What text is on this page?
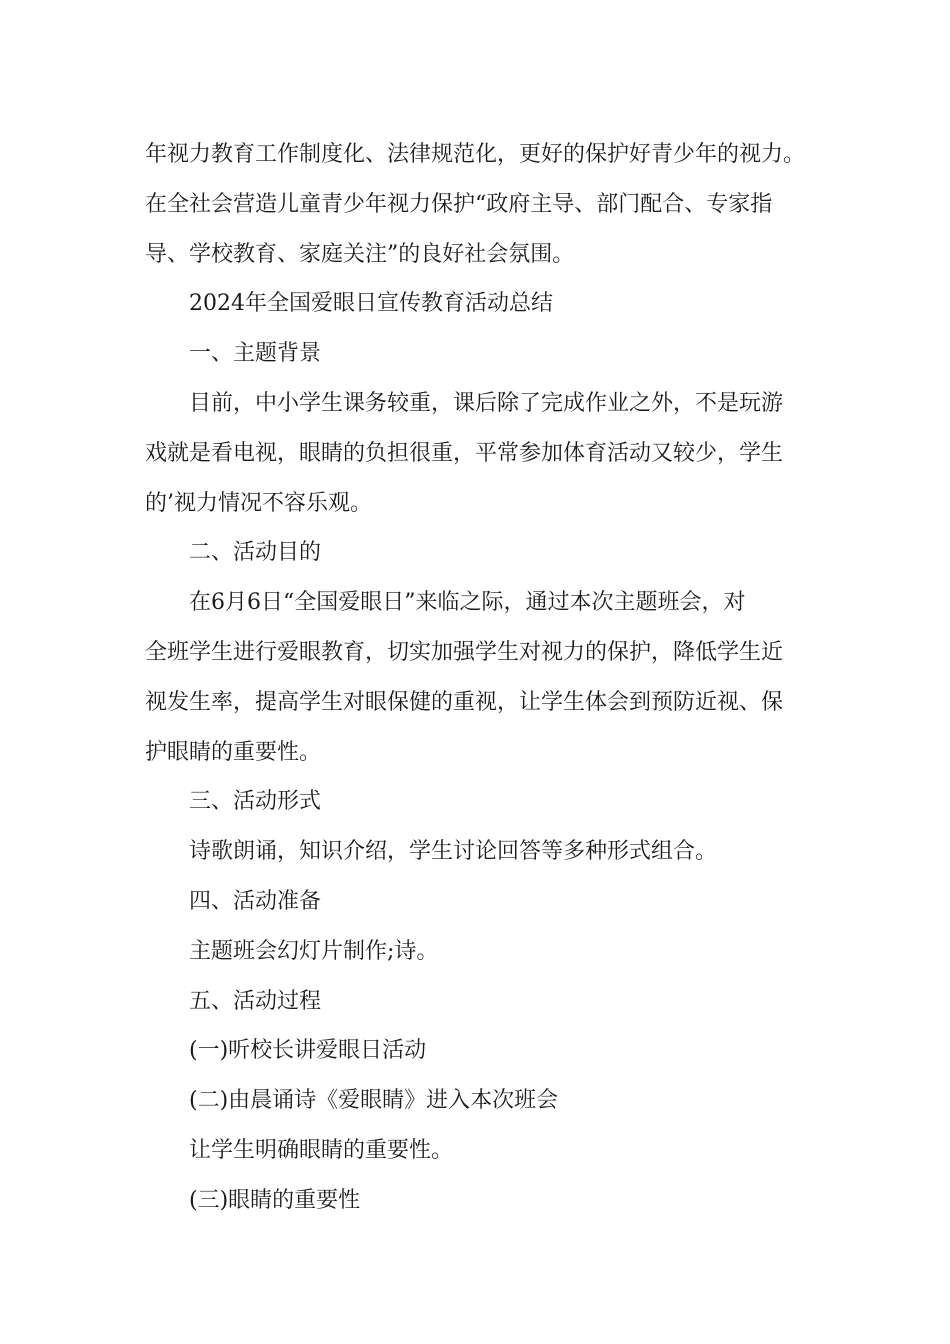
年视力教育工作制度化、法律规范化，更好的保护好青少年的视力。
在全社会营造儿童青少年视力保护“政府主导、部门配合、专家指
导、学校教育、家庭关注”的良好社会氛围。
2024年全国爱眼日宣传教育活动总结
一、主题背景
目前，中小学生课务较重，课后除了完成作业之外，不是玩游
戏就是看电视，眼睛的负担很重，平常参加体育活动又较少，学生
的’视力情况不容乐观。
二、活动目的
在6月6日“全国爱眼日”来临之际，通过本次主题班会，对
全班学生进行爱眼教育，切实加强学生对视力的保护，降低学生近
视发生率，提高学生对眼保健的重视，让学生体会到预防近视、保
护眼睛的重要性。
三、活动形式
诗歌朗诵，知识介绍，学生讨论回答等多种形式组合。
四、活动准备
主题班会幻灯片制作;诗。
五、活动过程
(一)听校长讲爱眼日活动
(二)由晨诵诗《爱眼睛》进入本次班会
让学生明确眼睛的重要性。
(三)眼睛的重要性
